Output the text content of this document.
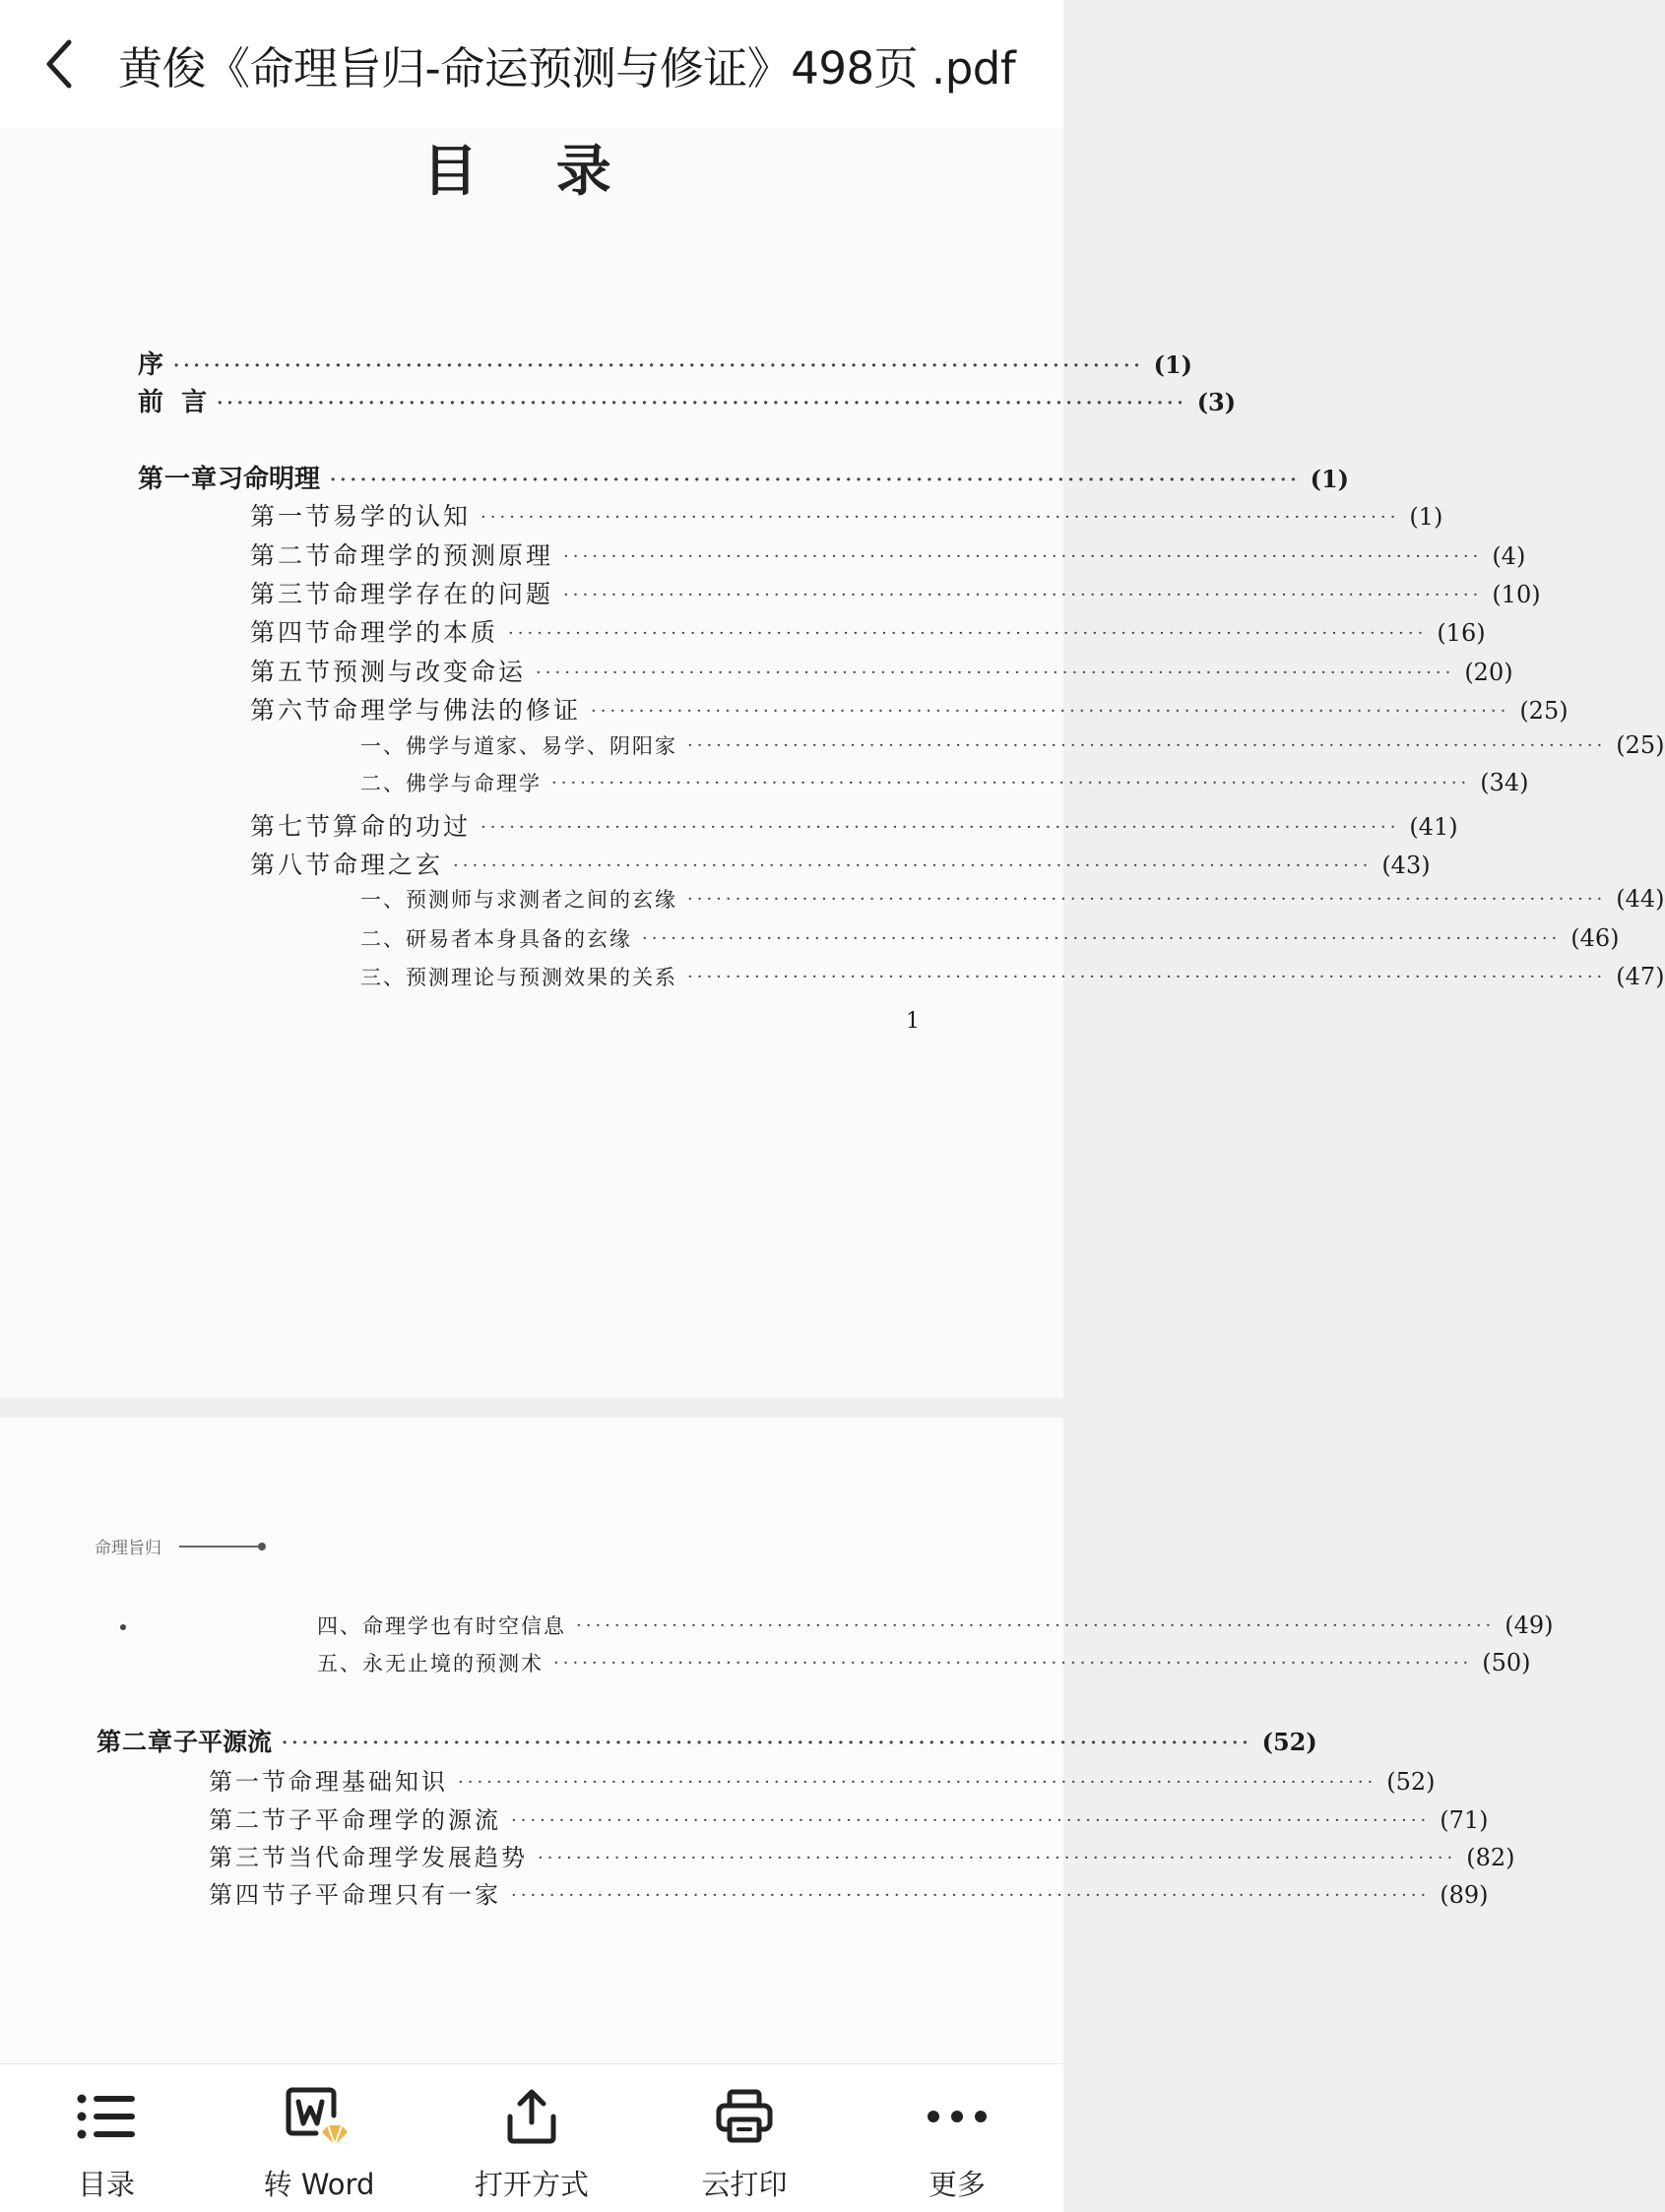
黄俊《命理旨归-命运预测与修证》498页 .pdf
目 录
序 ································································································ (1)
前  言 ································································································ (3)
第一章 习命明理 ································································································ (1)
第一节 易学的认知 ································································································ (1)
第二节 命理学的预测原理 ································································································ (4)
第三节 命理学存在的问题 ································································································ (10)
第四节 命理学的本质 ································································································ (16)
第五节 预测与改变命运 ································································································ (20)
第六节 命理学与佛法的修证 ································································································ (25)
一、佛学与道家、易学、阴阳家 ································································································ (25)
二、佛学与命理学 ································································································ (34)
第七节 算命的功过 ································································································ (41)
第八节 命理之玄 ································································································ (43)
一、预测师与求测者之间的玄缘 ································································································ (44)
二、研易者本身具备的玄缘 ································································································ (46)
三、预测理论与预测效果的关系 ································································································ (47)
1
命理旨归
四、命理学也有时空信息 ································································································ (49)
五、永无止境的预测术 ································································································ (50)
第二章 子平源流 ································································································ (52)
第一节 命理基础知识 ································································································ (52)
第二节 子平命理学的源流 ································································································ (71)
第三节 当代命理学发展趋势 ································································································ (82)
第四节 子平命理只有一家 ································································································ (89)
目录	转 Word	打开方式	云打印	更多
